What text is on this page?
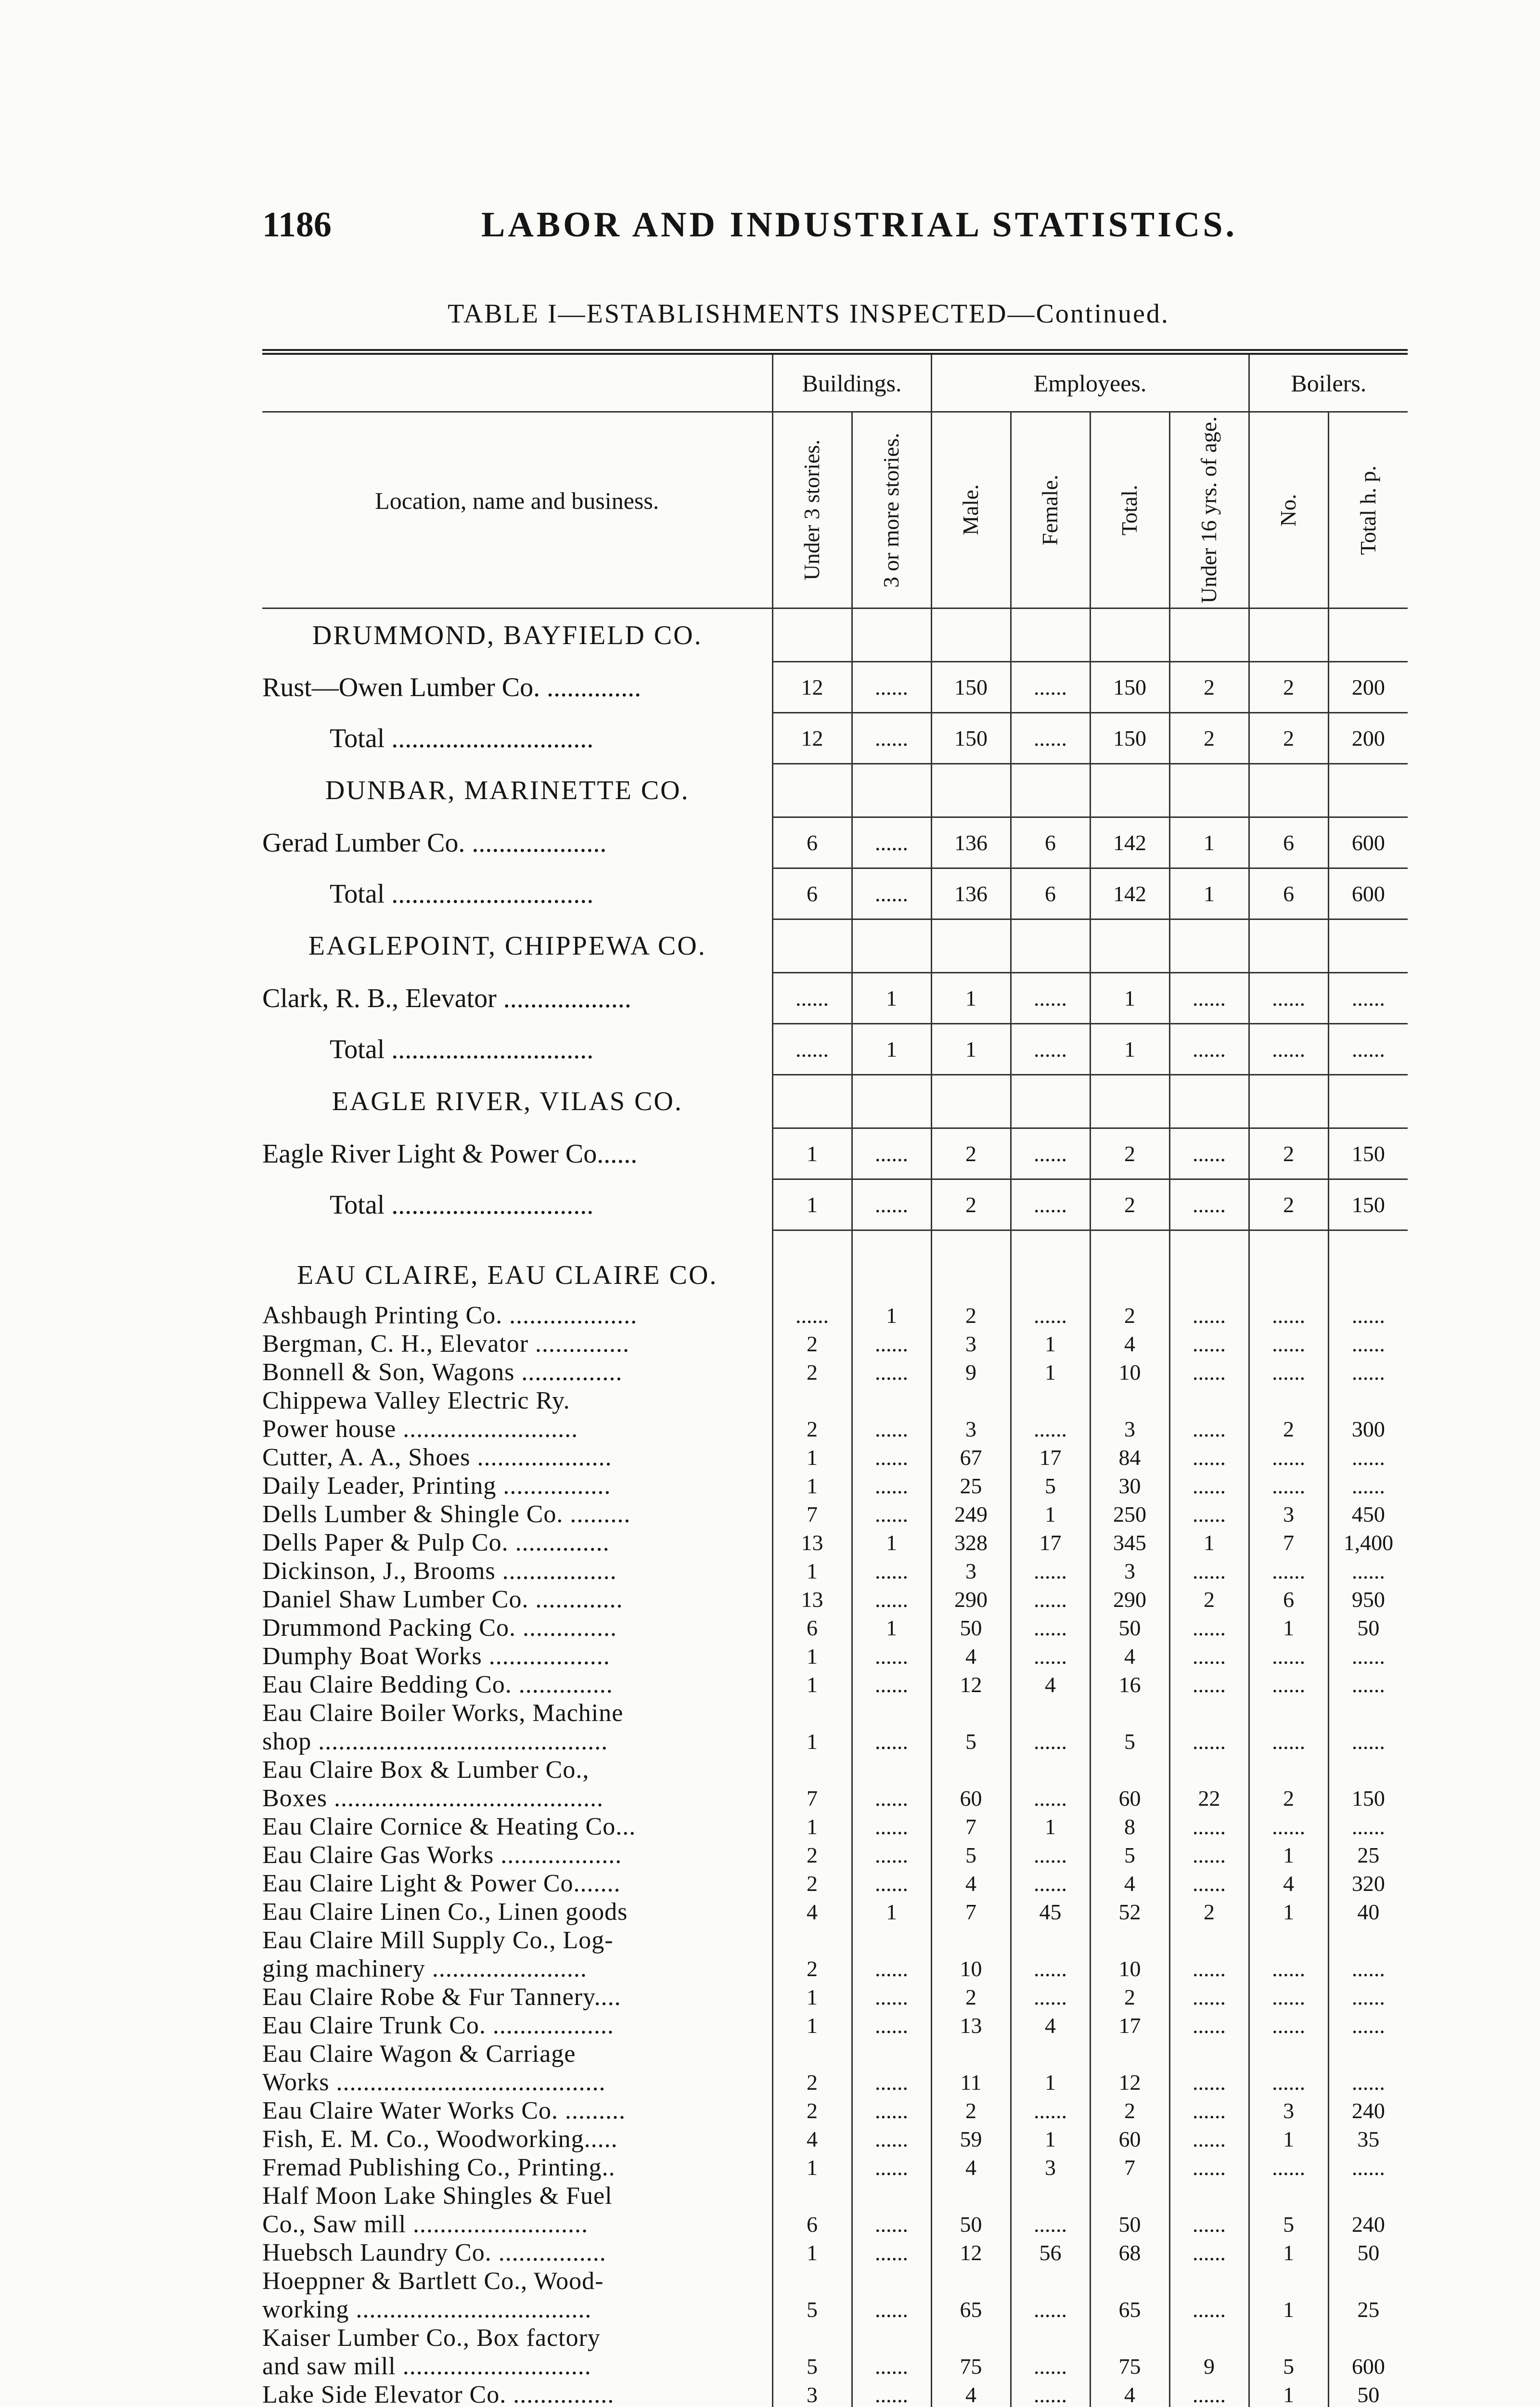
1186	LABOR AND INDUSTRIAL STATISTICS.
TABLE I—ESTABLISHMENTS INSPECTED—Continued.
	Buildings.		Employees.				Boilers.	
Location, name and business.	Under 3 stories.	3 or more stories.	Male.	Female.	Total.	Under 16 yrs. of age.	No.	Total h. p.

DRUMMOND, BAYFIELD CO.								
Rust—Owen Lumber Co. ..............	12	......	150	......	150	2	2	200
Total ..............................	12	......	150	......	150	2	2	200
DUNBAR, MARINETTE CO.								
Gerad Lumber Co. ....................	6	......	136	6	142	1	6	600
Total ..............................	6	......	136	6	142	1	6	600
EAGLEPOINT, CHIPPEWA CO.								
Clark, R. B., Elevator ...................	......	1	1	......	1	......	......	......
Total ..............................	......	1	1	......	1	......	......	......
EAGLE RIVER, VILAS CO.								
Eagle River Light & Power Co......	1	......	2	......	2	......	2	150
Total ..............................	1	......	2	......	2	......	2	150

EAU CLAIRE, EAU CLAIRE CO.								
Ashbaugh Printing Co. ...................	......	1	2	......	2	......	......	......
Bergman, C. H., Elevator ..............	2	......	3	1	4	......	......	......
Bonnell & Son, Wagons ...............	2	......	9	1	10	......	......	......
Chippewa Valley Electric Ry.								
Power house ..........................	2	......	3	......	3	......	2	300
Cutter, A. A., Shoes ....................	1	......	67	17	84	......	......	......
Daily Leader, Printing ................	1	......	25	5	30	......	......	......
Dells Lumber & Shingle Co. .........	7	......	249	1	250	......	3	450
Dells Paper & Pulp Co. ..............	13	1	328	17	345	1	7	1,400
Dickinson, J., Brooms .................	1	......	3	......	3	......	......	......
Daniel Shaw Lumber Co. .............	13	......	290	......	290	2	6	950
Drummond Packing Co. ..............	6	1	50	......	50	......	1	50
Dumphy Boat Works ..................	1	......	4	......	4	......	......	......
Eau Claire Bedding Co. ..............	1	......	12	4	16	......	......	......
Eau Claire Boiler Works, Machine								
shop ...........................................	1	......	5	......	5	......	......	......
Eau Claire Box & Lumber Co.,								
Boxes ........................................	7	......	60	......	60	22	2	150
Eau Claire Cornice & Heating Co...	1	......	7	1	8	......	......	......
Eau Claire Gas Works ..................	2	......	5	......	5	......	1	25
Eau Claire Light & Power Co.......	2	......	4	......	4	......	4	320
Eau Claire Linen Co., Linen goods	4	1	7	45	52	2	1	40
Eau Claire Mill Supply Co., Log-								
ging machinery .......................	2	......	10	......	10	......	......	......
Eau Claire Robe & Fur Tannery....	1	......	2	......	2	......	......	......
Eau Claire Trunk Co. ..................	1	......	13	4	17	......	......	......
Eau Claire Wagon & Carriage								
Works ........................................	2	......	11	1	12	......	......	......
Eau Claire Water Works Co. .........	2	......	2	......	2	......	3	240
Fish, E. M. Co., Woodworking.....	4	......	59	1	60	......	1	35
Fremad Publishing Co., Printing..	1	......	4	3	7	......	......	......
Half Moon Lake Shingles & Fuel								
Co., Saw mill ..........................	6	......	50	......	50	......	5	240
Huebsch Laundry Co. ................	1	......	12	56	68	......	1	50
Hoeppner & Bartlett Co., Wood-								
working ...................................	5	......	65	......	65	......	1	25
Kaiser Lumber Co., Box factory								
and saw mill ............................	5	......	75	......	75	9	5	600
Lake Side Elevator Co. ...............	3	......	4	......	4	......	1	50
